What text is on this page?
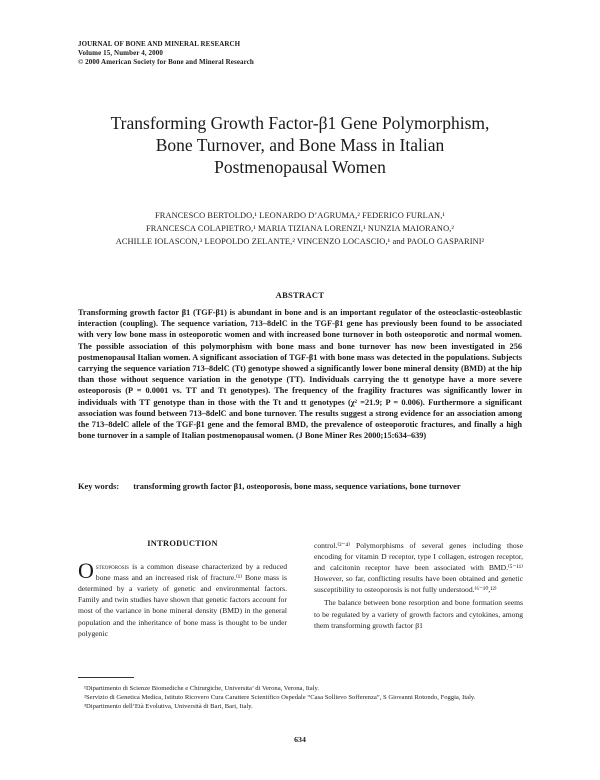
JOURNAL OF BONE AND MINERAL RESEARCH
Volume 15, Number 4, 2000
© 2000 American Society for Bone and Mineral Research
Transforming Growth Factor-β1 Gene Polymorphism,
Bone Turnover, and Bone Mass in Italian
Postmenopausal Women
FRANCESCO BERTOLDO,¹ LEONARDO D’AGRUMA,² FEDERICO FURLAN,¹
FRANCESCA COLAPIETRO,¹ MARIA TIZIANA LORENZI,¹ NUNZIA MAIORANO,²
ACHILLE IOLASCON,³ LEOPOLDO ZELANTE,² VINCENZO LOCASCIO,¹ and PAOLO GASPARINI²
ABSTRACT
Transforming growth factor β1 (TGF-β1) is abundant in bone and is an important regulator of the osteoclastic-osteoblastic interaction (coupling). The sequence variation, 713–8delC in the TGF-β1 gene has previously been found to be associated with very low bone mass in osteoporotic women and with increased bone turnover in both osteoporotic and normal women. The possible association of this polymorphism with bone mass and bone turnover has now been investigated in 256 postmenopausal Italian women. A significant association of TGF-β1 with bone mass was detected in the populations. Subjects carrying the sequence variation 713–8delC (Tt) genotype showed a significantly lower bone mineral density (BMD) at the hip than those without sequence variation in the genotype (TT). Individuals carrying the tt genotype have a more severe osteoporosis (P = 0.0001 vs. TT and Tt genotypes). The frequency of the fragility fractures was significantly lower in individuals with TT genotype than in those with the Tt and tt genotypes (χ² =21.9; P = 0.006). Furthermore a significant association was found between 713–8delC and bone turnover. The results suggest a strong evidence for an association among the 713–8delC allele of the TGF-β1 gene and the femoral BMD, the prevalence of osteoporotic fractures, and finally a high bone turnover in a sample of Italian postmenopausal women. (J Bone Miner Res 2000;15:634–639)
Key words: transforming growth factor β1, osteoporosis, bone mass, sequence variations, bone turnover
INTRODUCTION

Osteoporosis is a common disease characterized by a reduced bone mass and an increased risk of fracture.⁽¹⁾ Bone mass is determined by a variety of genetic and environmental factors. Family and twin studies have shown that genetic factors account for most of the variance in bone mineral density (BMD) in the general population and the inheritance of bone mass is thought to be under polygenic

control.⁽²⁻⁴⁾ Polymorphisms of several genes including those encoding for vitamin D receptor, type I collagen, estrogen receptor, and calcitonin receptor have been associated with BMD.⁽⁵⁻¹¹⁾ However, so far, conflicting results have been obtained and genetic susceptibility to osteoporosis is not fully understood.⁽⁶⁻¹⁰,¹²⁾

The balance between bone resorption and bone formation seems to be regulated by a variety of growth factors and cytokines, among them transforming growth factor β1

¹Dipartimento di Scienze Biomediche e Chirurgiche, Universita’ di Verona, Verona, Italy.
²Servizio di Genetica Medica, Istituto Ricovero Cura Carattere Scientifico Ospedale “Casa Sollievo Sofferenza”, S Giovanni Rotondo, Foggia, Italy.
³Dipartimento dell’Età Evolutiva, Università di Bari, Bari, Italy.
634
